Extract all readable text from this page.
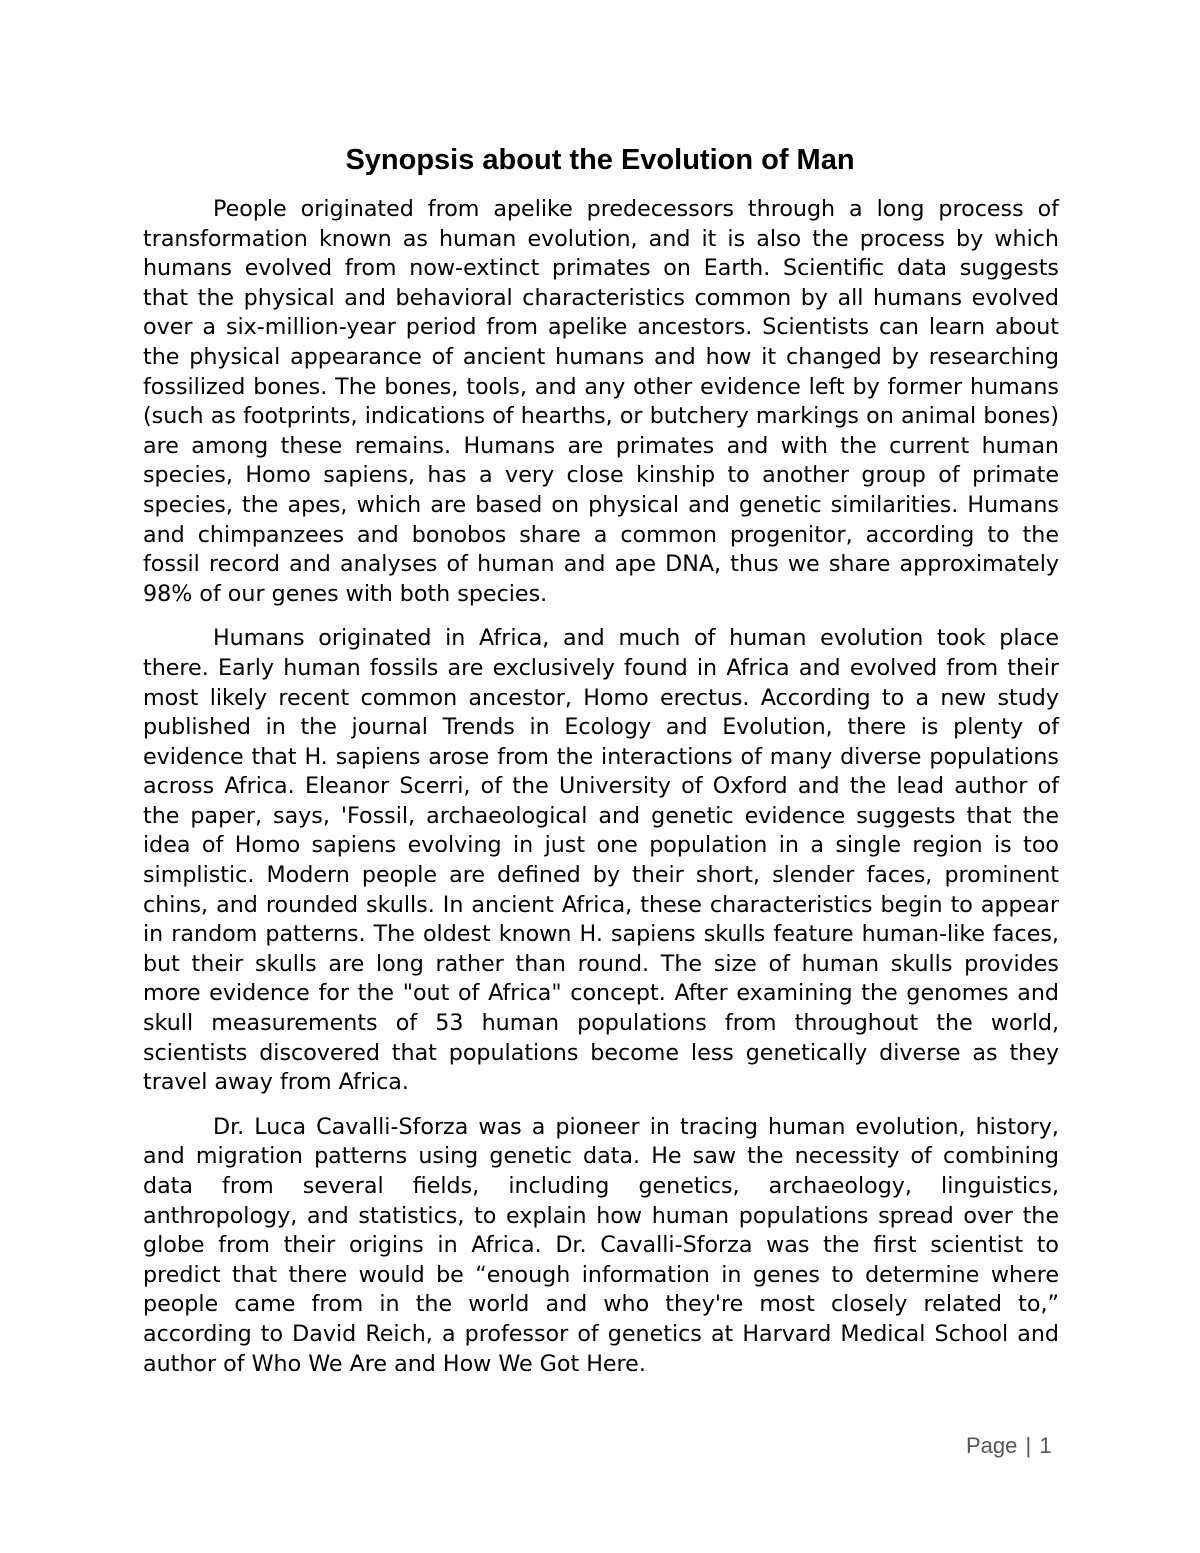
Synopsis about the Evolution of Man

People originated from apelike predecessors through a long process of transformation known as human evolution, and it is also the process by which humans evolved from now-extinct primates on Earth. Scientific data suggests that the physical and behavioral characteristics common by all humans evolved over a six-million-year period from apelike ancestors. Scientists can learn about the physical appearance of ancient humans and how it changed by researching fossilized bones. The bones, tools, and any other evidence left by former humans (such as footprints, indications of hearths, or butchery markings on animal bones) are among these remains. Humans are primates and with the current human species, Homo sapiens, has a very close kinship to another group of primate species, the apes, which are based on physical and genetic similarities. Humans and chimpanzees and bonobos share a common progenitor, according to the fossil record and analyses of human and ape DNA, thus we share approximately 98% of our genes with both species.

Humans originated in Africa, and much of human evolution took place there. Early human fossils are exclusively found in Africa and evolved from their most likely recent common ancestor, Homo erectus. According to a new study published in the journal Trends in Ecology and Evolution, there is plenty of evidence that H. sapiens arose from the interactions of many diverse populations across Africa. Eleanor Scerri, of the University of Oxford and the lead author of the paper, says, 'Fossil, archaeological and genetic evidence suggests that the idea of Homo sapiens evolving in just one population in a single region is too simplistic. Modern people are defined by their short, slender faces, prominent chins, and rounded skulls. In ancient Africa, these characteristics begin to appear in random patterns. The oldest known H. sapiens skulls feature human-like faces, but their skulls are long rather than round. The size of human skulls provides more evidence for the "out of Africa" concept. After examining the genomes and skull measurements of 53 human populations from throughout the world, scientists discovered that populations become less genetically diverse as they travel away from Africa.

Dr. Luca Cavalli-Sforza was a pioneer in tracing human evolution, history, and migration patterns using genetic data. He saw the necessity of combining data from several fields, including genetics, archaeology, linguistics, anthropology, and statistics, to explain how human populations spread over the globe from their origins in Africa. Dr. Cavalli-Sforza was the first scientist to predict that there would be “enough information in genes to determine where people came from in the world and who they're most closely related to,” according to David Reich, a professor of genetics at Harvard Medical School and author of Who We Are and How We Got Here.

Page | 1
